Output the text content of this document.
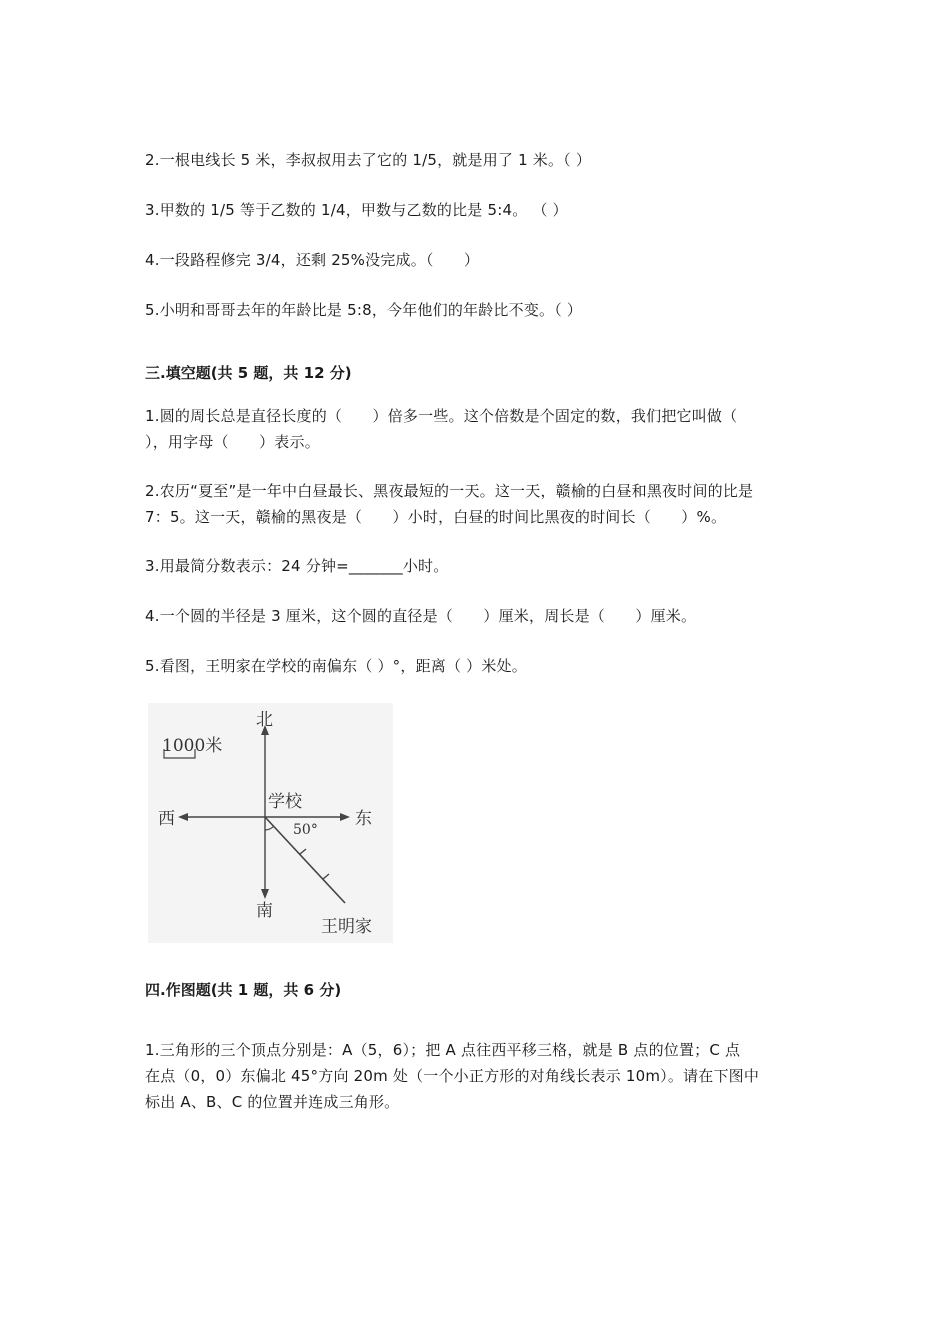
2.一根电线长 5 米，李叔叔用去了它的 1/5，就是用了 1 米。（ ）
3.甲数的 1/5 等于乙数的 1/4，甲数与乙数的比是 5:4。 （ ）
4.一段路程修完 3/4，还剩 25%没完成。（　　）
5.小明和哥哥去年的年龄比是 5:8，今年他们的年龄比不变。（ ）
三.填空题(共 5 题，共 12 分)
1.圆的周长总是直径长度的（　　）倍多一些。这个倍数是个固定的数，我们把它叫做（
），用字母（　　）表示。
2.农历“夏至”是一年中白昼最长、黑夜最短的一天。这一天，赣榆的白昼和黑夜时间的比是
7：5。这一天，赣榆的黑夜是（　　）小时，白昼的时间比黑夜的时间长（　　）%。
3.用最简分数表示：24 分钟=_______小时。
4.一个圆的半径是 3 厘米，这个圆的直径是（　　）厘米，周长是（　　）厘米。
5.看图，王明家在学校的南偏东（ ）°，距离（ ）米处。
1000米
北
南
西	东
学校
50°
王明家
四.作图题(共 1 题，共 6 分)
1.三角形的三个顶点分别是：A（5，6）；把 A 点往西平移三格，就是 B 点的位置；C 点
在点（0，0）东偏北 45°方向 20m 处（一个小正方形的对角线长表示 10m）。请在下图中
标出 A、B、C 的位置并连成三角形。
